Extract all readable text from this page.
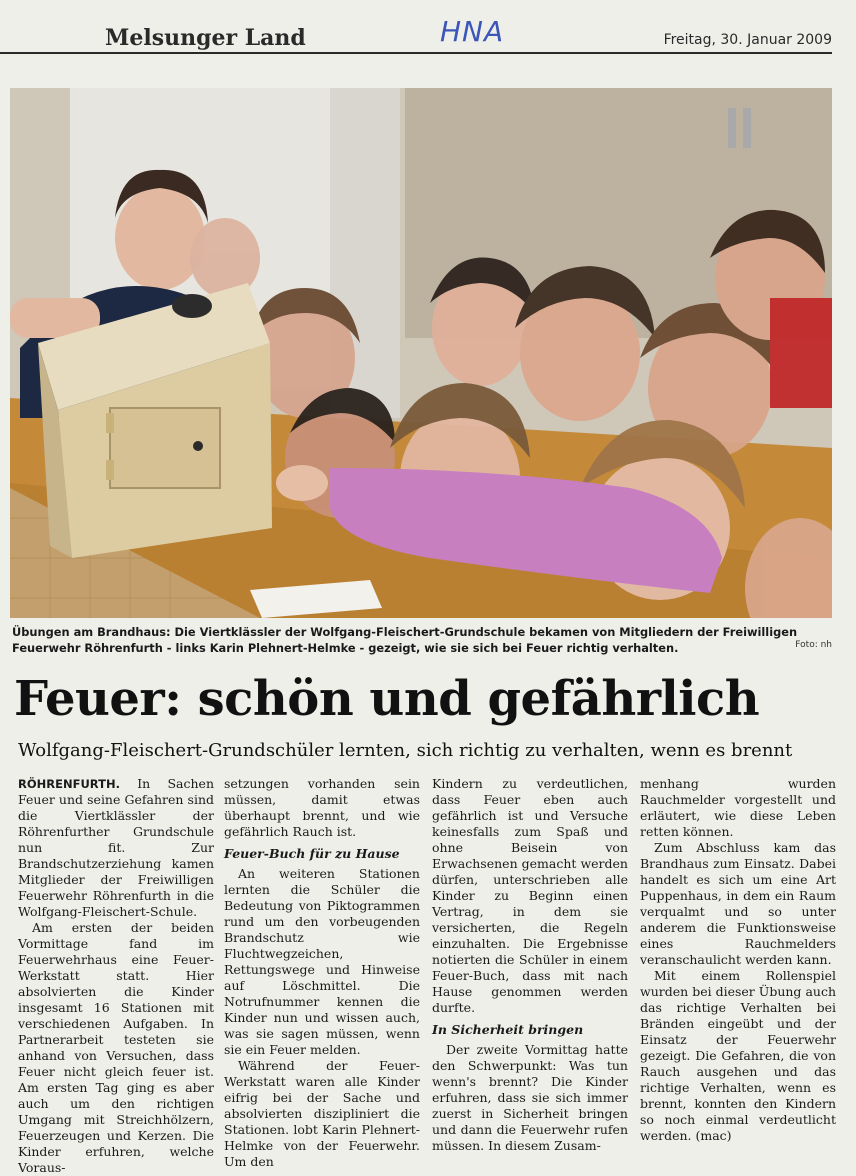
Melsunger Land	HNA	Freitag, 30. Januar 2009
Übungen am Brandhaus: Die Viertklässler der Wolfgang-Fleischert-Grundschule bekamen von Mitgliedern der Freiwilligen Feuerwehr Röhrenfurth - links Karin Plehnert-Helmke - gezeigt, wie sie sich bei Feuer richtig verhalten.	Foto: nh
Feuer: schön und gefährlich
Wolfgang-Fleischert-Grundschüler lernten, sich richtig zu verhalten, wenn es brennt

RÖHRENFURTH. In Sachen Feuer und seine Gefahren sind die Viertklässler der Röhrenfurther Grundschule nun fit. Zur Brandschutzerziehung kamen Mitglieder der Freiwilligen Feuerwehr Röhrenfurth in die Wolfgang-Fleischert-Schule.

Am ersten der beiden Vormittage fand im Feuerwehrhaus eine Feuer-Werkstatt statt. Hier absolvierten die Kinder insgesamt 16 Stationen mit verschiedenen Aufgaben. In Partnerarbeit testeten sie anhand von Versuchen, dass Feuer nicht gleich feuer ist. Am ersten Tag ging es aber auch um den richtigen Umgang mit Streichhölzern, Feuerzeugen und Kerzen. Die Kinder erfuhren, welche Voraus-

setzungen vorhanden sein müssen, damit etwas überhaupt brennt, und wie gefährlich Rauch ist.

Feuer-Buch für zu Hause

An weiteren Stationen lernten die Schüler die Bedeutung von Piktogrammen rund um den vorbeugenden Brandschutz wie Fluchtwegzeichen, Rettungswege und Hinweise auf Löschmittel. Die Notrufnummer kennen die Kinder nun und wissen auch, was sie sagen müssen, wenn sie ein Feuer melden.

Während der Feuer-Werkstatt waren alle Kinder eifrig bei der Sache und absolvierten diszipliniert die Stationen. lobt Karin Plehnert-Helmke von der Feuerwehr. Um den

Kindern zu verdeutlichen, dass Feuer eben auch gefährlich ist und Versuche keinesfalls zum Spaß und ohne Beisein von Erwachsenen gemacht werden dürfen, unterschrieben alle Kinder zu Beginn einen Vertrag, in dem sie versicherten, die Regeln einzuhalten. Die Ergebnisse notierten die Schüler in einem Feuer-Buch, dass mit nach Hause genommen werden durfte.

In Sicherheit bringen

Der zweite Vormittag hatte den Schwerpunkt: Was tun wenn's brennt? Die Kinder erfuhren, dass sie sich immer zuerst in Sicherheit bringen und dann die Feuerwehr rufen müssen. In diesem Zusam-

menhang wurden Rauchmelder vorgestellt und erläutert, wie diese Leben retten können.

Zum Abschluss kam das Brandhaus zum Einsatz. Dabei handelt es sich um eine Art Puppenhaus, in dem ein Raum verqualmt und so unter anderem die Funktionsweise eines Rauchmelders veranschaulicht werden kann.

Mit einem Rollenspiel wurden bei dieser Übung auch das richtige Verhalten bei Bränden eingeübt und der Einsatz der Feuerwehr gezeigt. Die Gefahren, die von Rauch ausgehen und das richtige Verhalten, wenn es brennt, konnten den Kindern so noch einmal verdeutlicht werden. (mac)
